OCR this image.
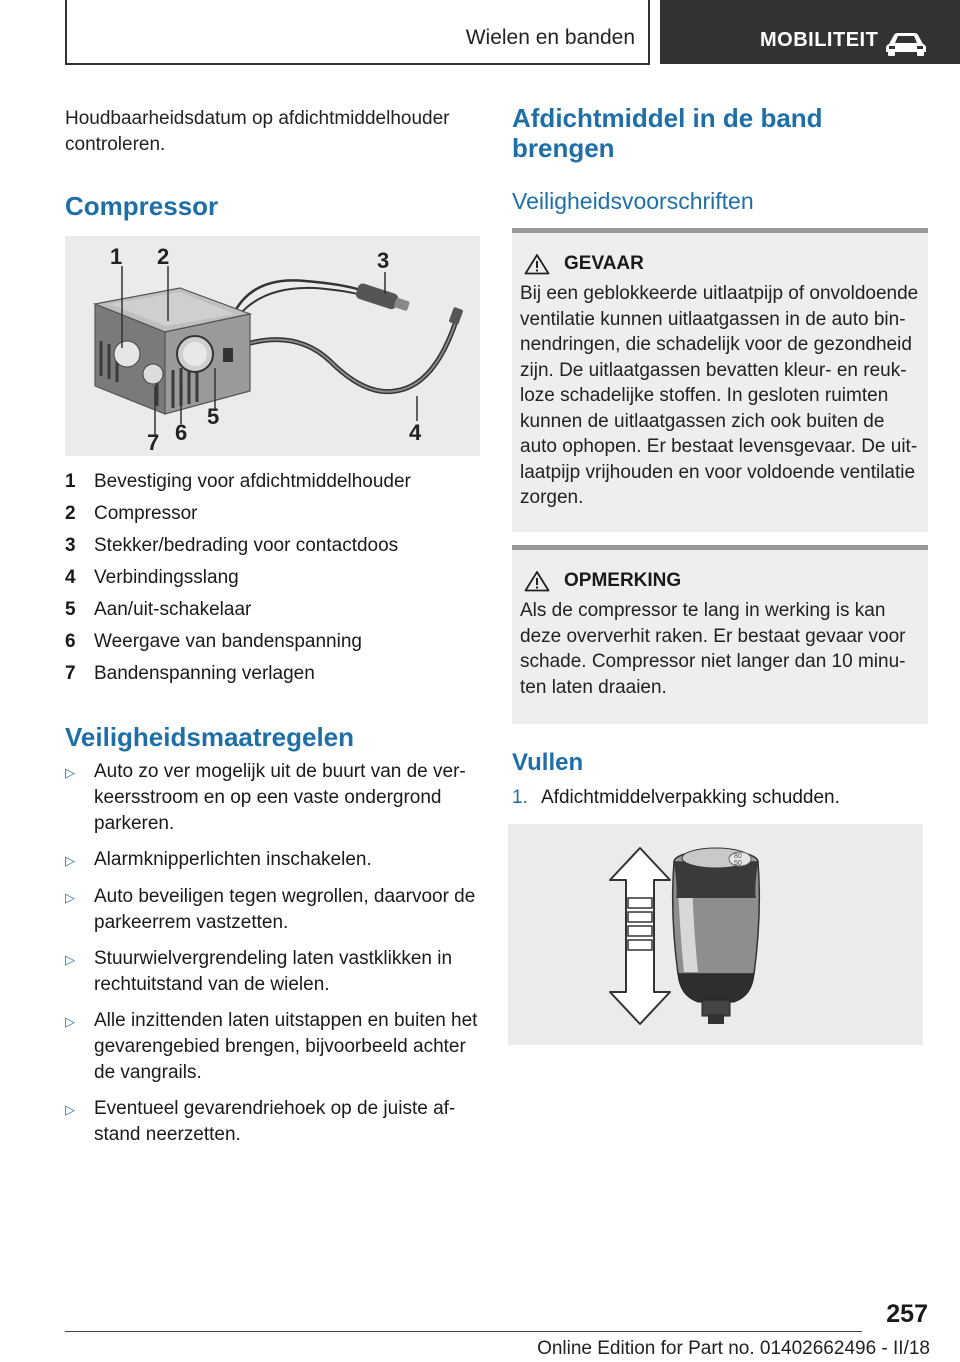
Wielen en banden	MOBILITEIT

Houdbaarheidsdatum op afdichtmiddelhouder controleren.

Compressor
1 2	3
4
5
6
7
1 Bevestiging voor afdichtmiddelhouder
2 Compressor
3 Stekker/bedrading voor contactdoos
4 Verbindingsslang
5 Aan/uit-schakelaar
6 Weergave van bandenspanning
7 Bandenspanning verlagen
Veiligheidsmaatregelen
▷	Auto zo ver mogelijk uit de buurt van de ver-keersstroom en op een vaste ondergrond parkeren.
▷	Alarmknipperlichten inschakelen.
▷	Auto beveiligen tegen wegrollen, daarvoor de parkeerrem vastzetten.
▷	Stuurwielvergrendeling laten vastklikken in rechtuitstand van de wielen.
▷	Alle inzittenden laten uitstappen en buiten het gevarengebied brengen, bijvoorbeeld achter de vangrails.
▷	Eventueel gevarendriehoek op de juiste af-stand neerzetten.
Afdichtmiddel in de band brengen
Veiligheidsvoorschriften
GEVAAR

Bij een geblokkeerde uitlaatpijp of onvoldoende ventilatie kunnen uitlaatgassen in de auto bin-nendringen, die schadelijk voor de gezondheid zijn. De uitlaatgassen bevatten kleur- en reuk-loze schadelijke stoffen. In gesloten ruimten kunnen de uitlaatgassen zich ook buiten de auto ophopen. Er bestaat levensgevaar. De uit-laatpijp vrijhouden en voor voldoende ventilatie zorgen.

OPMERKING

Als de compressor te lang in werking is kan deze oververhit raken. Er bestaat gevaar voor schade. Compressor niet langer dan 10 minu-ten laten draaien.

Vullen
1. Afdichtmiddelverpakking schudden.
80
50
257
Online Edition for Part no. 01402662496 - II/18
